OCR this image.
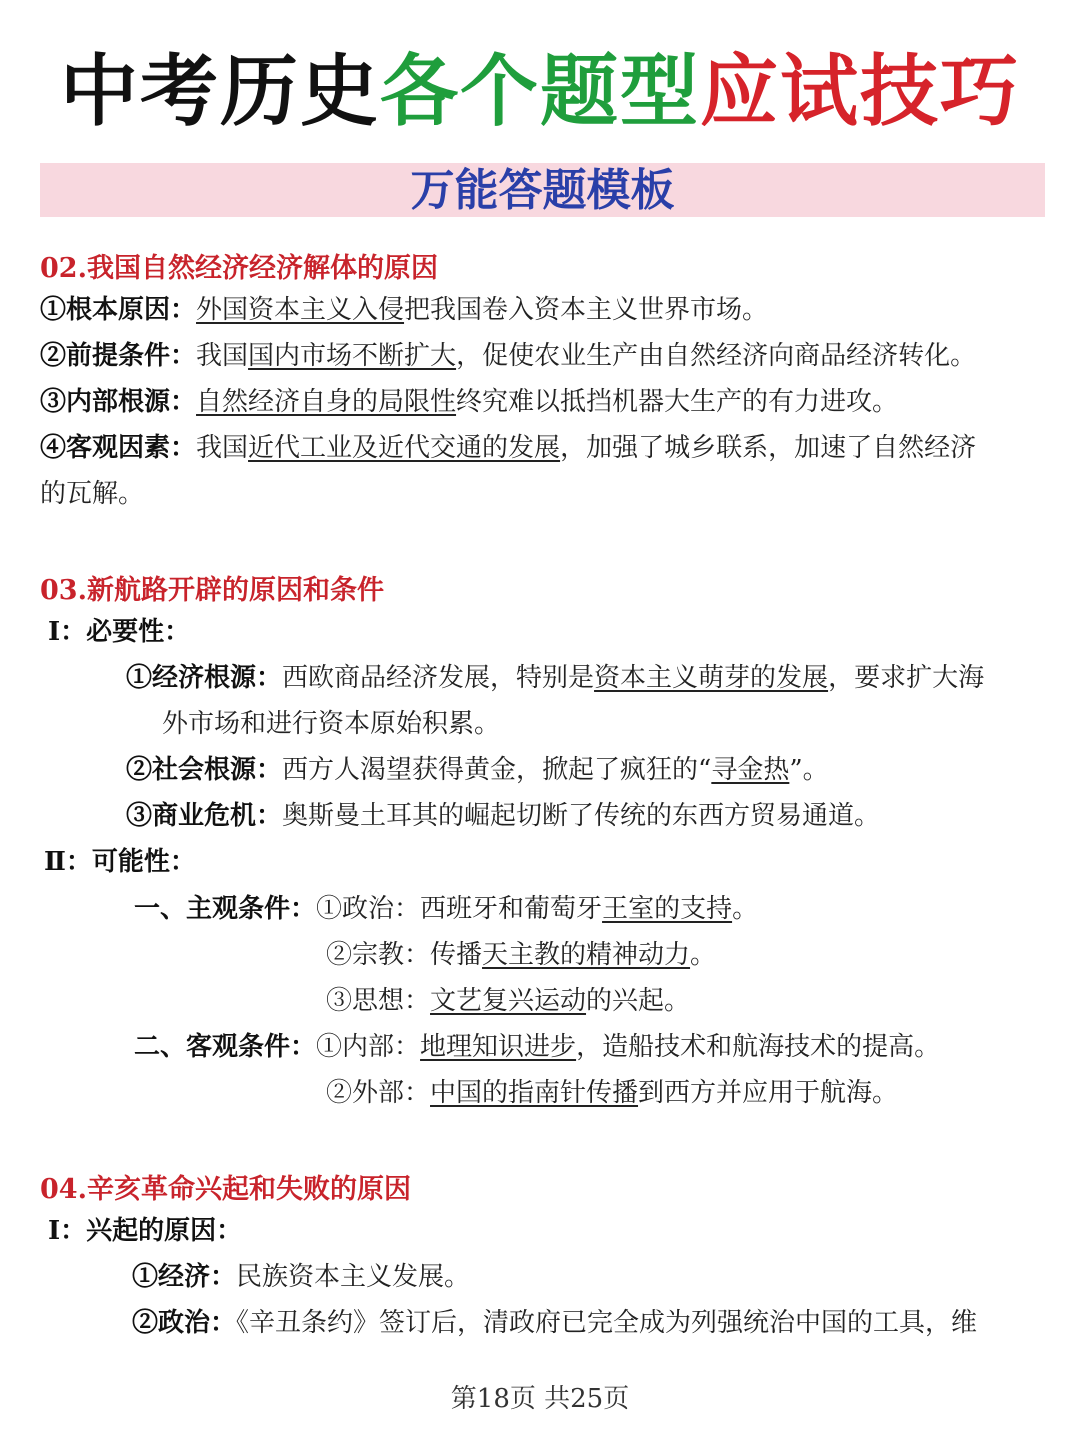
中考历史各个题型应试技巧
万能答题模板
02.我国自然经济经济解体的原因
①根本原因：外国资本主义入侵把我国卷入资本主义世界市场。
②前提条件：我国国内市场不断扩大，促使农业生产由自然经济向商品经济转化。
③内部根源：自然经济自身的局限性终究难以抵挡机器大生产的有力进攻。
④客观因素：我国近代工业及近代交通的发展，加强了城乡联系，加速了自然经济
的瓦解。
03.新航路开辟的原因和条件
Ⅰ：必要性：
①经济根源：西欧商品经济发展，特别是资本主义萌芽的发展，要求扩大海
外市场和进行资本原始积累。
②社会根源：西方人渴望获得黄金，掀起了疯狂的“寻金热”。
③商业危机：奥斯曼土耳其的崛起切断了传统的东西方贸易通道。
Ⅱ：可能性：
一、主观条件：①政治：西班牙和葡萄牙王室的支持。
②宗教：传播天主教的精神动力。
③思想：文艺复兴运动的兴起。
二、客观条件：①内部：地理知识进步，造船技术和航海技术的提高。
②外部：中国的指南针传播到西方并应用于航海。
04.辛亥革命兴起和失败的原因
Ⅰ：兴起的原因：
①经济：民族资本主义发展。
②政治：《辛丑条约》签订后，清政府已完全成为列强统治中国的工具，维
第18页 共25页
